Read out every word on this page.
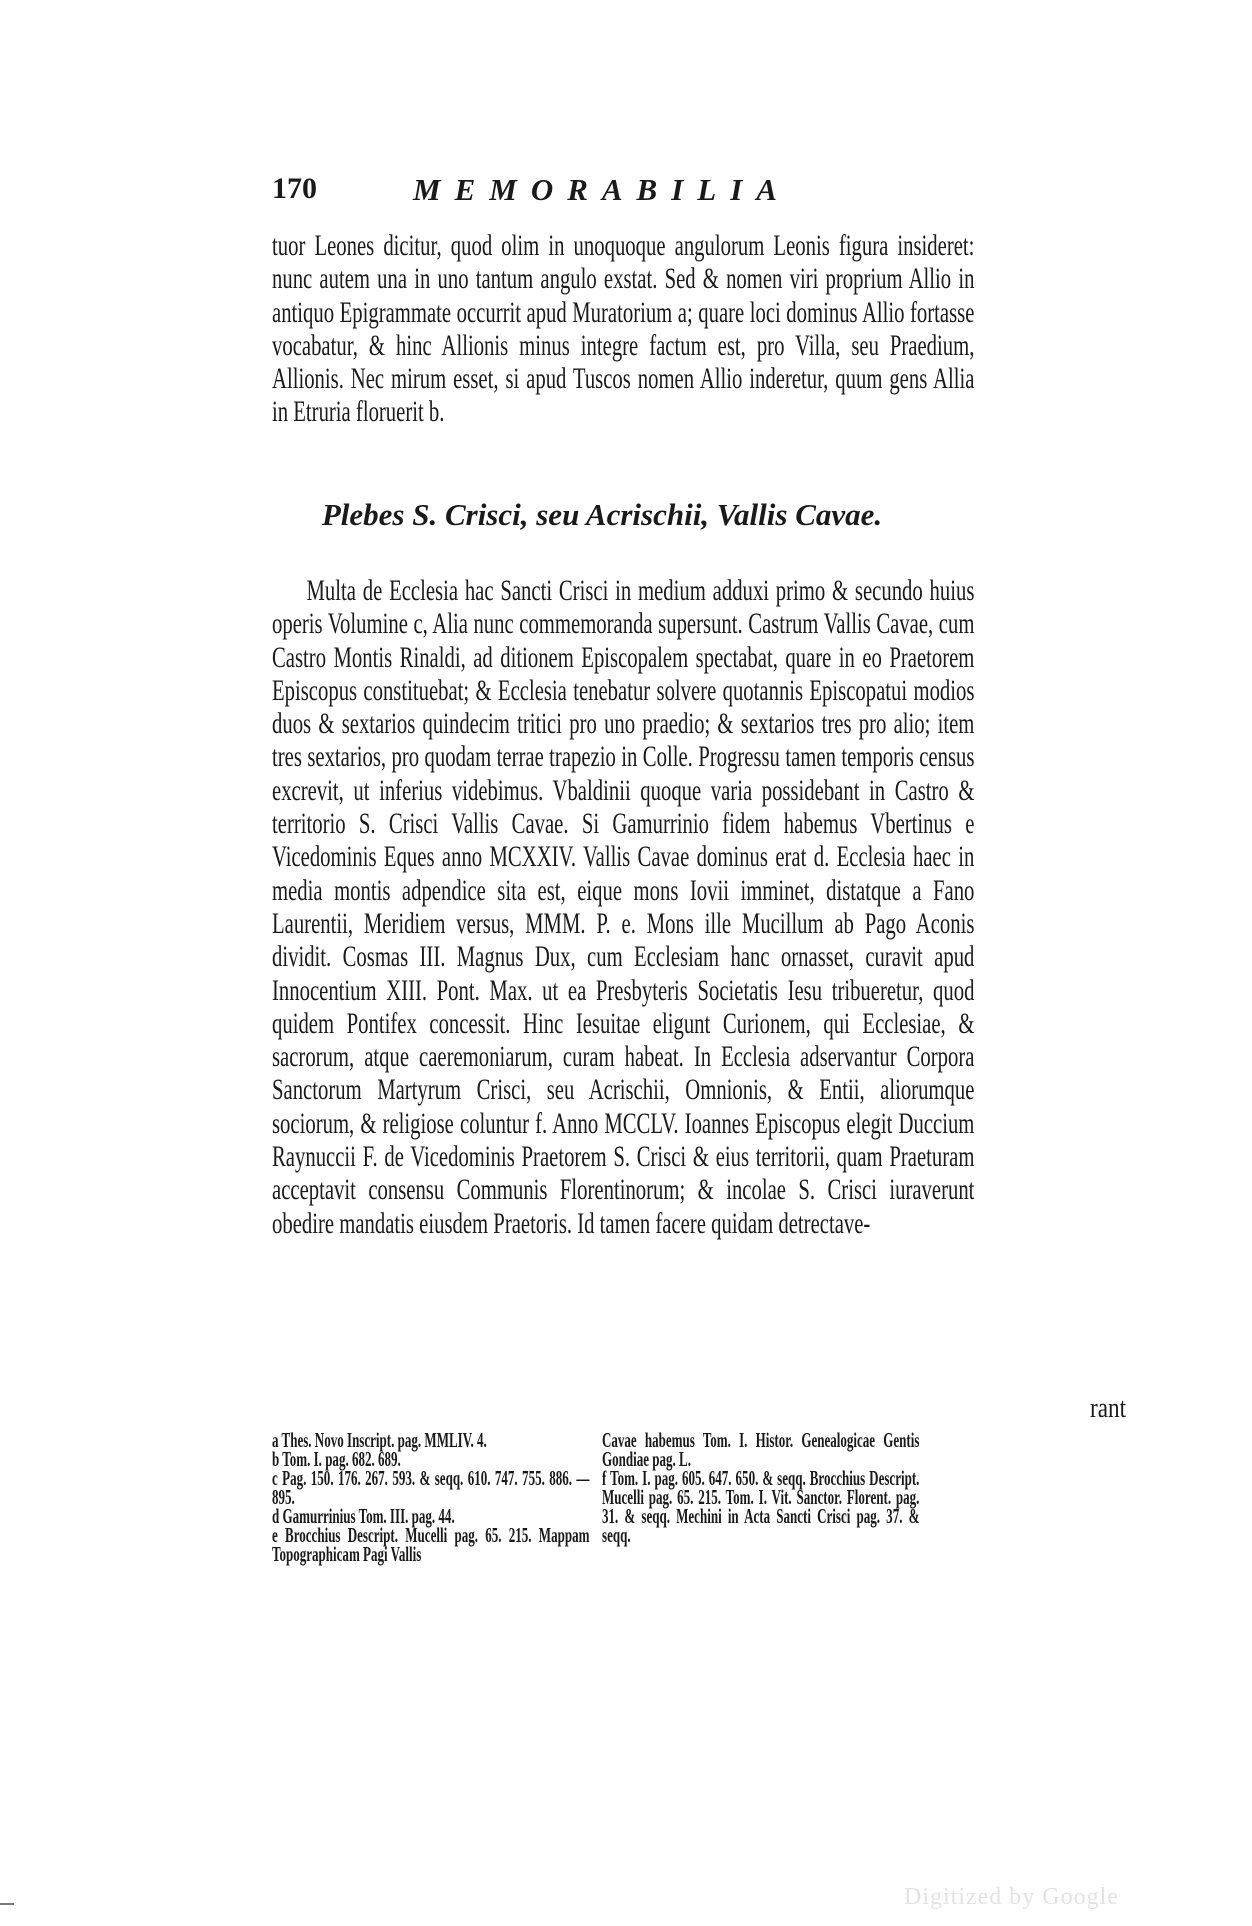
170	MEMORABILIA

tuor Leones dicitur, quod olim in unoquoque angulorum Leonis figura insideret: nunc autem una in uno tantum angulo exstat. Sed & nomen viri proprium Allio in antiquo Epigrammate occurrit apud Muratorium a; quare loci dominus Allio fortasse vocabatur, & hinc Allionis minus integre factum est, pro Villa, seu Praedium, Allionis. Nec mirum esset, si apud Tuscos nomen Allio inderetur, quum gens Allia in Etruria floruerit b.

Plebes S. Crisci, seu Acrischii, Vallis Cavae.

Multa de Ecclesia hac Sancti Crisci in medium adduxi primo & secundo huius operis Volumine c, Alia nunc commemoranda supersunt. Castrum Vallis Cavae, cum Castro Montis Rinaldi, ad ditionem Episcopalem spectabat, quare in eo Praetorem Episcopus constituebat; & Ecclesia tenebatur solvere quotannis Episcopatui modios duos & sextarios quindecim tritici pro uno praedio; & sextarios tres pro alio; item tres sextarios, pro quodam terrae trapezio in Colle. Progressu tamen temporis census excrevit, ut inferius videbimus. Vbaldinii quoque varia possidebant in Castro & territorio S. Crisci Vallis Cavae. Si Gamurrinio fidem habemus Vbertinus e Vicedominis Eques anno MCXXIV. Vallis Cavae dominus erat d. Ecclesia haec in media montis adpendice sita est, eique mons Iovii imminet, distatque a Fano Laurentii, Meridiem versus, MMM. P. e. Mons ille Mucillum ab Pago Aconis dividit. Cosmas III. Magnus Dux, cum Ecclesiam hanc ornasset, curavit apud Innocentium XIII. Pont. Max. ut ea Presbyteris Societatis Iesu tribueretur, quod quidem Pontifex concessit. Hinc Iesuitae eligunt Curionem, qui Ecclesiae, & sacrorum, atque caeremoniarum, curam habeat. In Ecclesia adservantur Corpora Sanctorum Martyrum Crisci, seu Acrischii, Omnionis, & Entii, aliorumque sociorum, & religiose coluntur f. Anno MCCLV. Ioannes Episcopus elegit Duccium Raynuccii F. de Vicedominis Praetorem S. Crisci & eius territorii, quam Praeturam acceptavit consensu Communis Florentinorum; & incolae S. Crisci iuraverunt obedire mandatis eiusdem Praetoris. Id tamen facere quidam detrectave-

rant
a Thes. Novo Inscript. pag. MMLIV. 4.
b Tom. I. pag. 682. 689.
c Pag. 150. 176. 267. 593. & seqq. 610. 747. 755. 886. — 895.
d Gamurrinius Tom. III. pag. 44.
e Brocchius Descript. Mucelli pag. 65. 215. Mappam Topographicam Pagi Vallis
Cavae habemus Tom. I. Histor. Genealogicae Gentis Gondiae pag. L.
f Tom. I. pag. 605. 647. 650. & seqq. Brocchius Descript. Mucelli pag. 65. 215. Tom. I. Vit. Sanctor. Florent. pag. 31. & seqq. Mechini in Acta Sancti Crisci pag. 37. & seqq.
Digitized by Google
